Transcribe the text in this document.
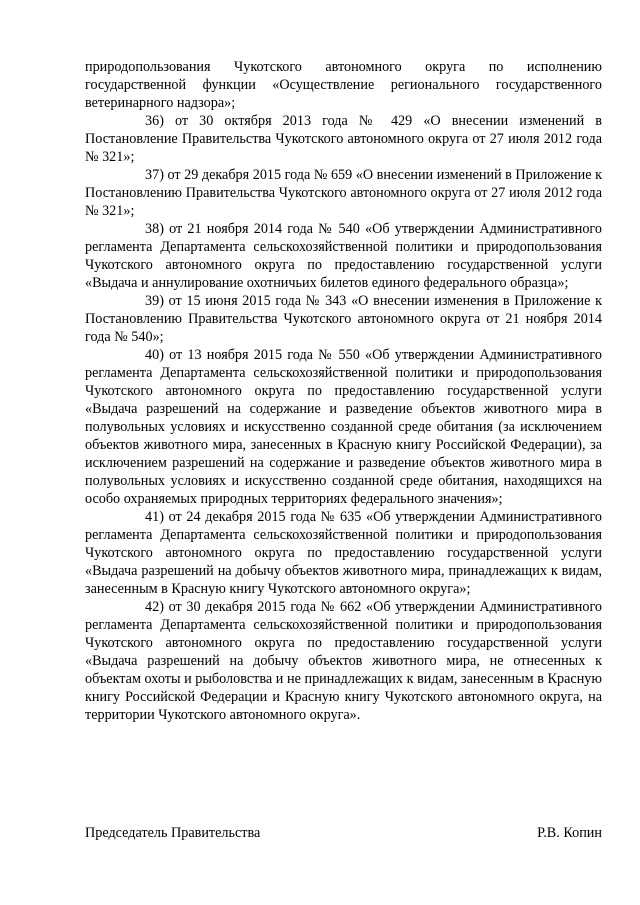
природопользования Чукотского автономного округа по исполнению государственной функции «Осуществление регионального государственного ветеринарного надзора»;

36) от 30 октября 2013 года № 429 «О внесении изменений в Постановление Правительства Чукотского автономного округа от 27 июля 2012 года № 321»;

37) от 29 декабря 2015 года № 659 «О внесении изменений в Приложение к Постановлению Правительства Чукотского автономного округа от 27 июля 2012 года № 321»;

38) от 21 ноября 2014 года № 540 «Об утверждении Административного регламента Департамента сельскохозяйственной политики и природопользования Чукотского автономного округа по предоставлению государственной услуги «Выдача и аннулирование охотничьих билетов единого федерального образца»;

39) от 15 июня 2015 года № 343 «О внесении изменения в Приложение к Постановлению Правительства Чукотского автономного округа от 21 ноября 2014 года № 540»;

40) от 13 ноября 2015 года № 550 «Об утверждении Административного регламента Департамента сельскохозяйственной политики и природопользования Чукотского автономного округа по предоставлению государственной услуги «Выдача разрешений на содержание и разведение объектов животного мира в полувольных условиях и искусственно созданной среде обитания (за исключением объектов животного мира, занесенных в Красную книгу Российской Федерации), за исключением разрешений на содержание и разведение объектов животного мира в полувольных условиях и искусственно созданной среде обитания, находящихся на особо охраняемых природных территориях федерального значения»;

41) от 24 декабря 2015 года № 635 «Об утверждении Административного регламента Департамента сельскохозяйственной политики и природопользования Чукотского автономного округа по предоставлению государственной услуги «Выдача разрешений на добычу объектов животного мира, принадлежащих к видам, занесенным в Красную книгу Чукотского автономного округа»;

42) от 30 декабря 2015 года № 662 «Об утверждении Административного регламента Департамента сельскохозяйственной политики и природопользования Чукотского автономного округа по предоставлению государственной услуги «Выдача разрешений на добычу объектов животного мира, не отнесенных к объектам охоты и рыболовства и не принадлежащих к видам, занесенным в Красную книгу Российской Федерации и Красную книгу Чукотского автономного округа, на территории Чукотского автономного округа».

Председатель Правительства	Р.В. Копин
